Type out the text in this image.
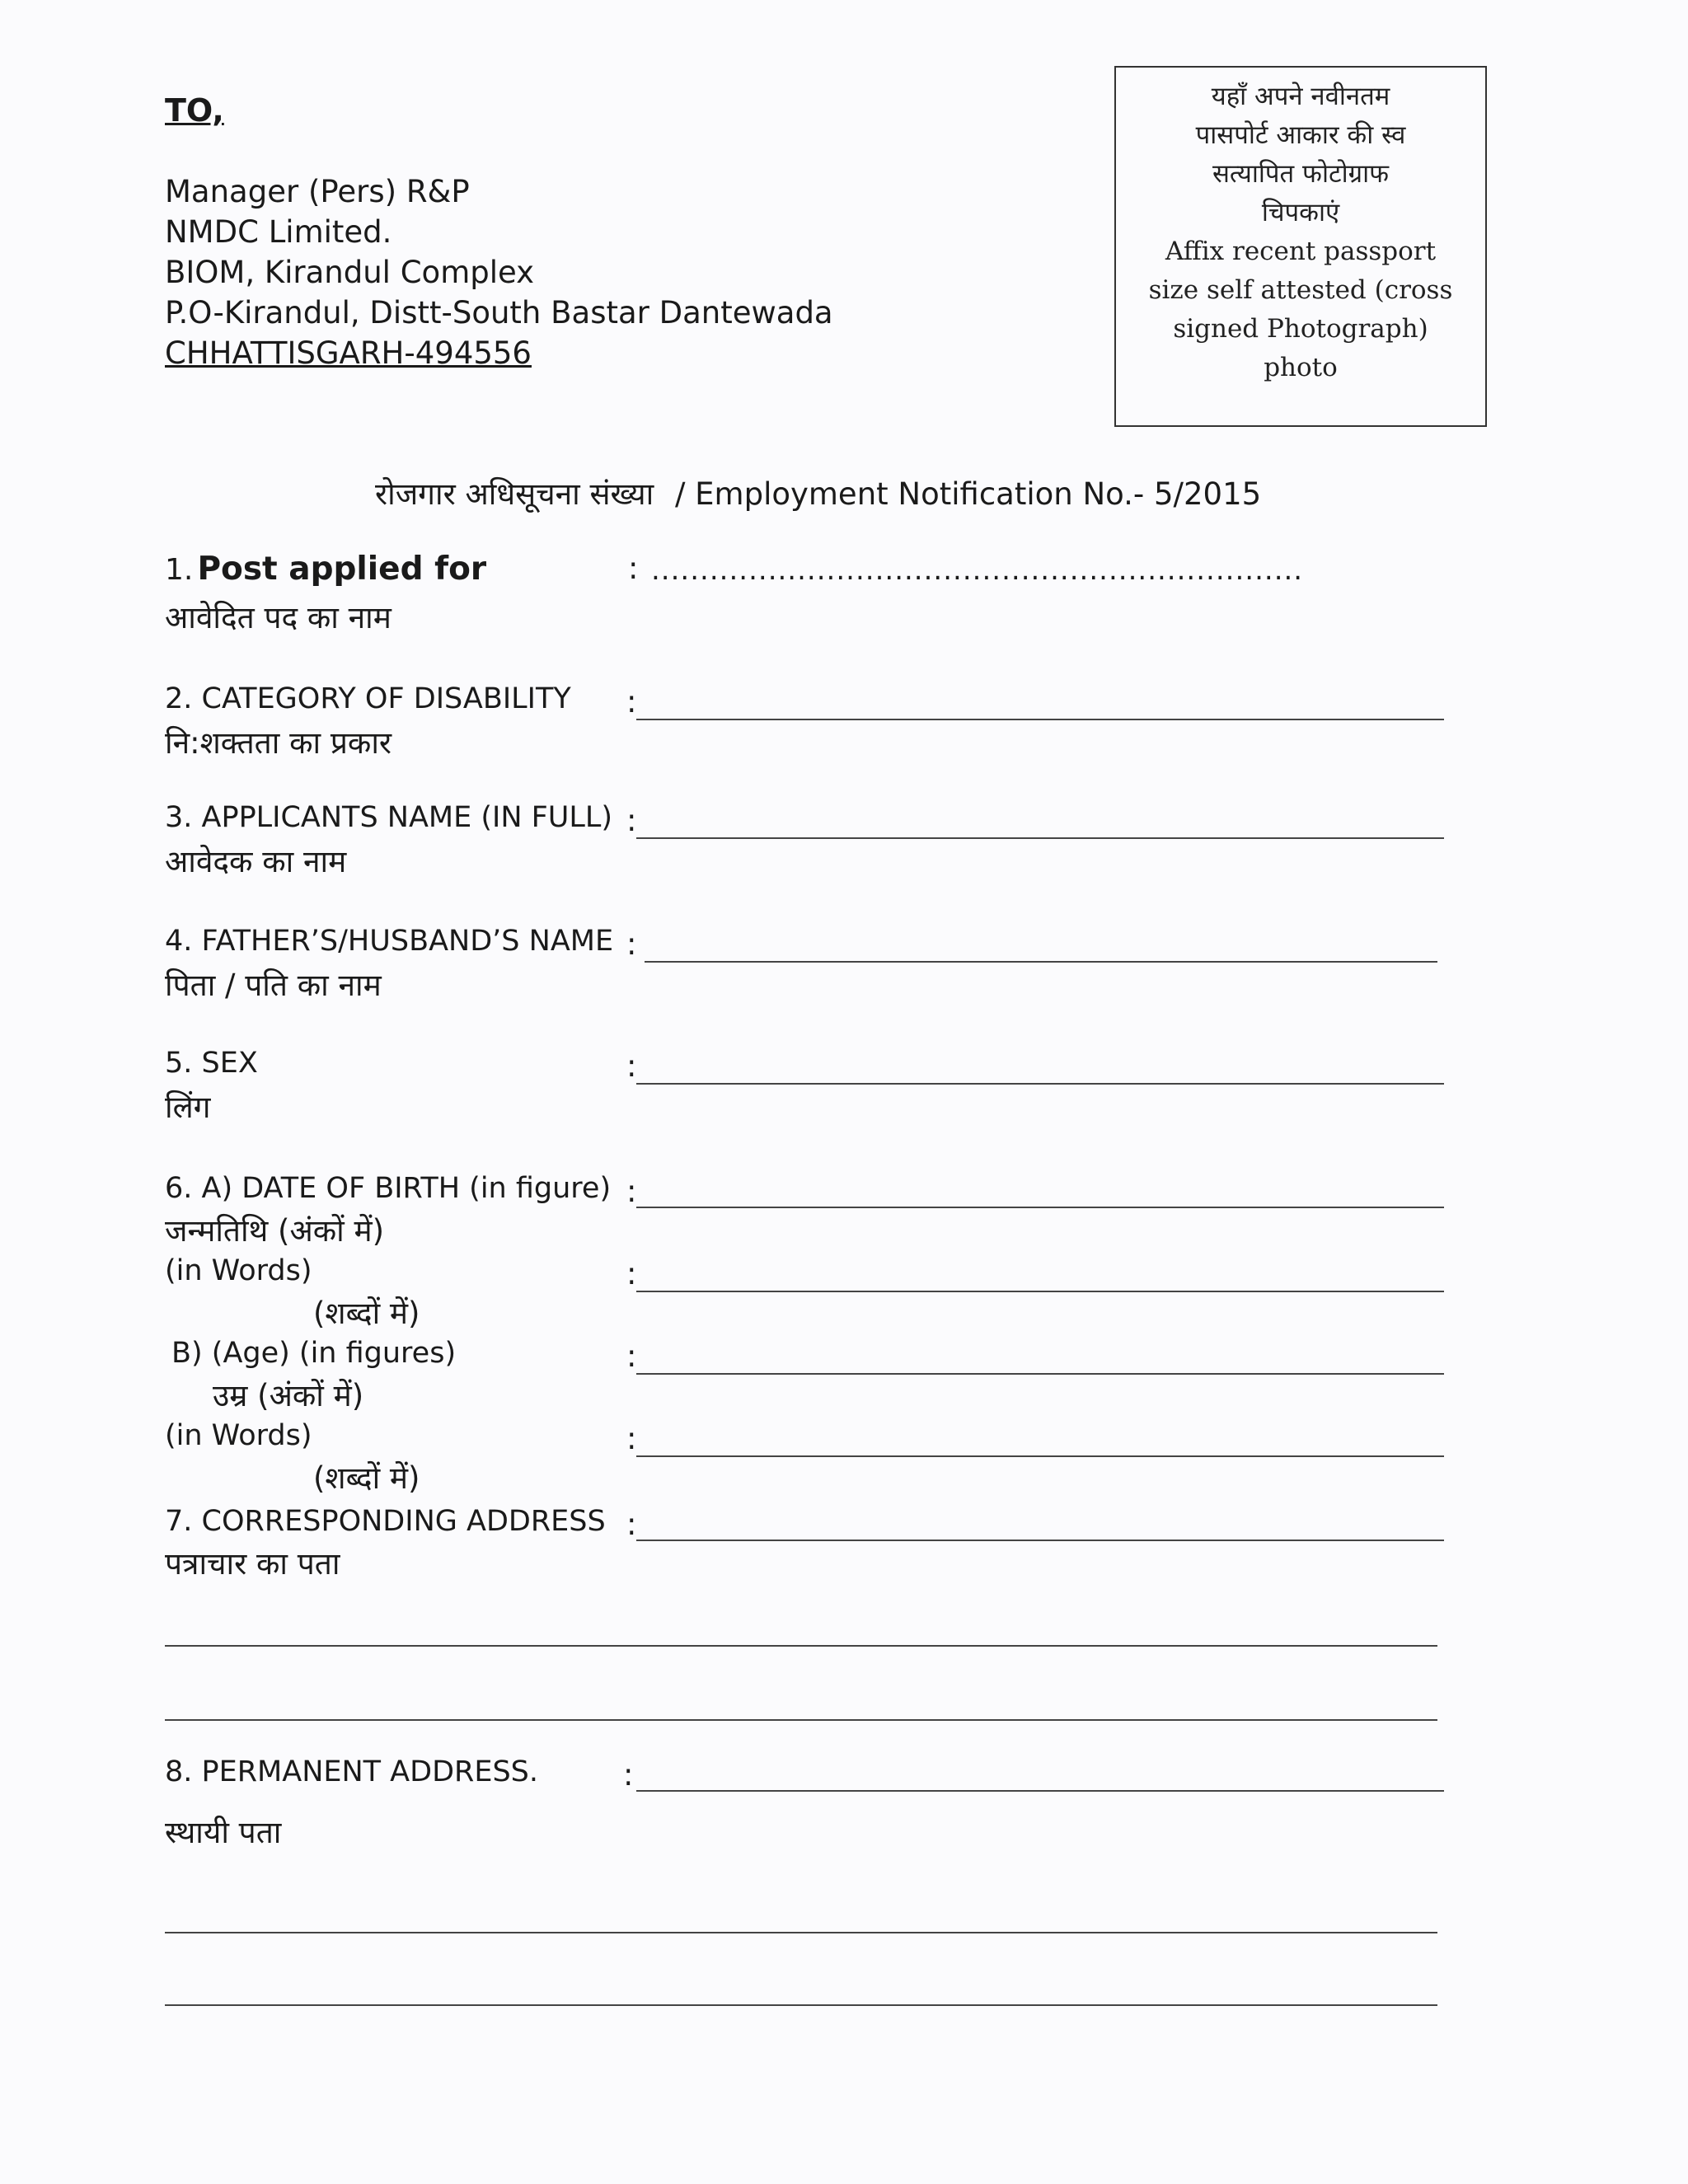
TO,
Manager (Pers) R&P
NMDC Limited.
BIOM, Kirandul Complex
P.O-Kirandul, Distt-South Bastar Dantewada
CHHATTISGARH-494556
यहाँ अपने नवीनतम
पासपोर्ट आकार की स्व
सत्यापित फोटोग्राफ
चिपकाएं
Affix recent passport
size self attested (cross
signed Photograph)
photo
रोजगार अधिसूचना संख्या / Employment Notification No.- 5/2015
1. Post applied for
आवेदित पद का नाम
: ...................................................................
2. CATEGORY OF DISABILITY
नि:शक्तता का प्रकार
:
3. APPLICANTS NAME (IN FULL)
आवेदक का नाम
:
4. FATHER’S/HUSBAND’S NAME
पिता / पति का नाम
:
5. SEX
लिंग
:
6. A) DATE OF BIRTH (in figure)
जन्मतिथि (अंकों में)
:
(in Words)
(शब्दों में)
:
B) (Age) (in figures)
उम्र (अंकों में)
:
(in Words)
(शब्दों में)
:
7. CORRESPONDING ADDRESS
पत्राचार का पता
:
8. PERMANENT ADDRESS.
स्थायी पता
:
